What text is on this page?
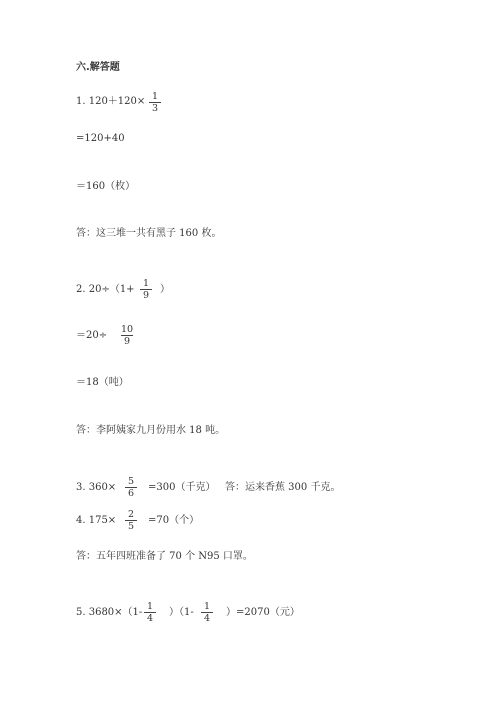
六.解答题
1. 120＋120× 1
3
=120+40
＝160（枚）
答：这三堆一共有黑子 160 枚。
2. 20÷（1+
1
9
）
＝20÷
10
9
＝18（吨）
答：李阿姨家九月份用水 18 吨。
3. 360×
5
6
=300（千克） 答：运来香蕉 300 千克。
4. 175×
2
5
=70（个）
答：五年四班准备了 70 个 N95 口罩。
5. 3680×（1-
1
4
）（1-
1
4
）=2070（元）
